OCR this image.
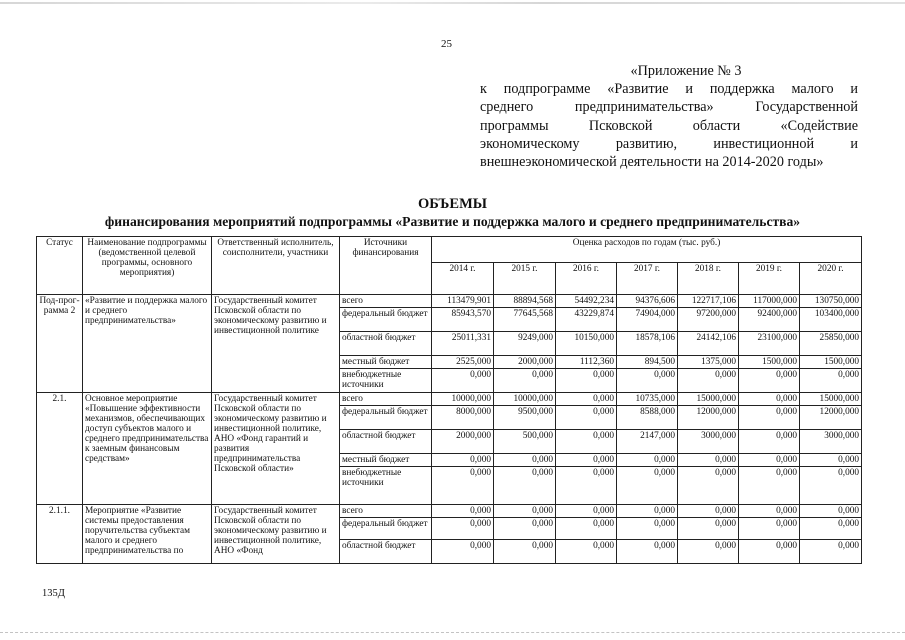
25
«Приложение № 3
к подпрограмме «Развитие и поддержка малого и
среднего предпринимательства» Государственной
программы Псковской области «Содействие
экономическому развитию, инвестиционной и
внешнеэкономической деятельности на 2014-2020 годы»
ОБЪЕМЫ
финансирования мероприятий подпрограммы «Развитие и поддержка малого и среднего предпринимательства»
Статус	Наименование подпрограммы (ведомственной целевой программы, основного мероприятия)	Ответственный исполнитель, соисполнители, участники	Источники финансирования	Оценка расходов по годам (тыс. руб.)						
				2014 г.	2015 г.	2016 г.	2017 г.	2018 г.	2019 г.	2020 г.
Под-прог-рамма 2	«Развитие и поддержка малого и среднего предпринимательства»	Государственный комитет Псковской области по экономическому развитию и инвестиционной политике	всего	113479,901	88894,568	54492,234	94376,606	122717,106	117000,000	130750,000
			федеральный бюджет	85943,570	77645,568	43229,874	74904,000	97200,000	92400,000	103400,000
			областной бюджет	25011,331	9249,000	10150,000	18578,106	24142,106	23100,000	25850,000
			местный бюджет	2525,000	2000,000	1112,360	894,500	1375,000	1500,000	1500,000
			внебюджетные источники	0,000	0,000	0,000	0,000	0,000	0,000	0,000
2.1.	Основное мероприятие «Повышение эффективности механизмов, обеспечивающих доступ субъектов малого и среднего предпринимательства к заемным финансовым средствам»	Государственный комитет Псковской области по экономическому развитию и инвестиционной политике, АНО «Фонд гарантий и развития предпринимательства Псковской области»	всего	10000,000	10000,000	0,000	10735,000	15000,000	0,000	15000,000
			федеральный бюджет	8000,000	9500,000	0,000	8588,000	12000,000	0,000	12000,000
			областной бюджет	2000,000	500,000	0,000	2147,000	3000,000	0,000	3000,000
			местный бюджет	0,000	0,000	0,000	0,000	0,000	0,000	0,000
			внебюджетные источники	0,000	0,000	0,000	0,000	0,000	0,000	0,000
2.1.1.	Мероприятие «Развитие системы предоставления поручительства субъектам малого и среднего предпринимательства по	Государственный комитет Псковской области по экономическому развитию и инвестиционной политике, АНО «Фонд	всего	0,000	0,000	0,000	0,000	0,000	0,000	0,000
			федеральный бюджет	0,000	0,000	0,000	0,000	0,000	0,000	0,000
			областной бюджет	0,000	0,000	0,000	0,000	0,000	0,000	0,000
135Д
